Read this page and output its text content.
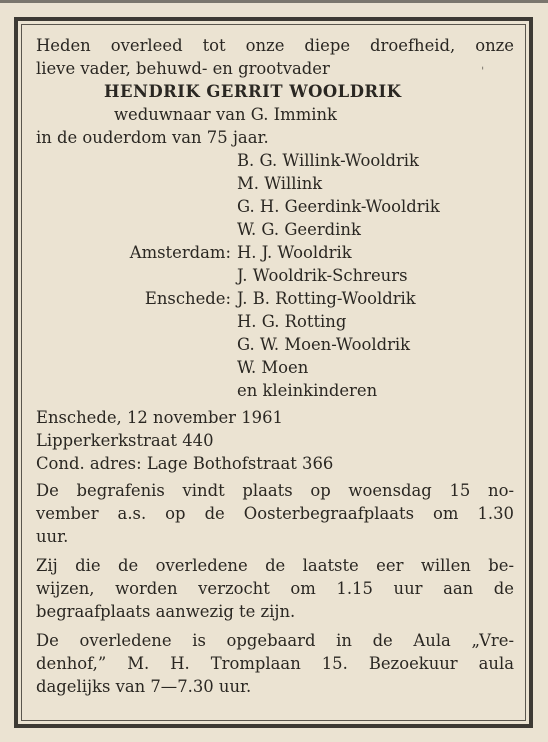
ˈ
Heden overleed tot onze diepe droefheid, onze
lieve vader, behuwd- en grootvader
HENDRIK GERRIT WOOLDRIK
weduwnaar van G. Immink
in de ouderdom van 75 jaar.
B. G. Willink-Wooldrik
M. Willink
G. H. Geerdink-Wooldrik
W. G. Geerdink
Amsterdam: H. J. Wooldrik
J. Wooldrik-Schreurs
Enschede: J. B. Rotting-Wooldrik
H. G. Rotting
G. W. Moen-Wooldrik
W. Moen
en kleinkinderen
Enschede, 12 november 1961
Lipperkerkstraat 440
Cond. adres: Lage Bothofstraat 366
De begrafenis vindt plaats op woensdag 15 no-
vember a.s. op de Oosterbegraafplaats om 1.30
uur.
Zij die de overledene de laatste eer willen be-
wijzen, worden verzocht om 1.15 uur aan de
begraafplaats aanwezig te zijn.
De overledene is opgebaard in de Aula „Vre-
denhof,” M. H. Tromplaan 15. Bezoekuur aula
dagelijks van 7—7.30 uur.
